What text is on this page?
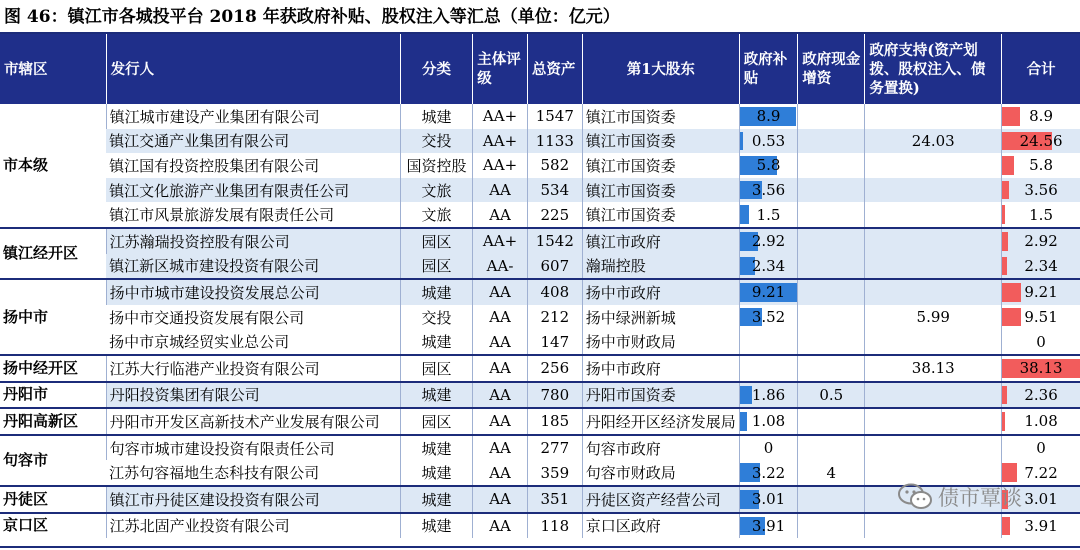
图 46：镇江市各城投平台 2018 年获政府补贴、股权注入等汇总（单位：亿元）
市辖区	发行人	分类	主体评级	总资产	第1大股东	政府补贴	政府现金增资	政府支持(资产划拨、股权注入、债务置换)	合计
市本级	镇江城市建设产业集团有限公司	城建	AA+	1547	镇江市国资委	8.9			8.9

	镇江交通产业集团有限公司	交投	AA+	1133	镇江市国资委	0.53		24.03	24.56

	镇江国有投资控股集团有限公司	国资控股	AA+	582	镇江市国资委	5.8			5.8

	镇江文化旅游产业集团有限责任公司	文旅	AA	534	镇江市国资委	3.56			3.56

	镇江市风景旅游发展有限责任公司	文旅	AA	225	镇江市国资委	1.5			1.5

镇江经开区	江苏瀚瑞投资控股有限公司	园区	AA+	1542	镇江市政府	2.92			2.92

	镇江新区城市建设投资有限公司	园区	AA-	607	瀚瑞控股	2.34			2.34

扬中市	扬中市城市建设投资发展总公司	城建	AA	408	扬中市政府	9.21			9.21

	扬中市交通投资发展有限公司	交投	AA	212	扬中绿洲新城	3.52		5.99	9.51

	扬中市京城经贸实业总公司	城建	AA	147	扬中市财政局				0

扬中经开区	江苏大行临港产业投资有限公司	园区	AA	256	扬中市政府			38.13	38.13

丹阳市	丹阳投资集团有限公司	城建	AA	780	丹阳市国资委	1.86	0.5		2.36

丹阳高新区	丹阳市开发区高新技术产业发展有限公司	园区	AA	185	丹阳经开区经济发展局	1.08			1.08

句容市	句容市城市建设投资有限责任公司	城建	AA	277	句容市政府	0			0

	江苏句容福地生态科技有限公司	城建	AA	359	句容市财政局	3.22	4		7.22

丹徒区	镇江市丹徒区建设投资有限公司	城建	AA	351	丹徒区资产经营公司	3.01			3.01

京口区	江苏北固产业投资有限公司	城建	AA	118	京口区政府	3.91			3.91
债市覃谈
